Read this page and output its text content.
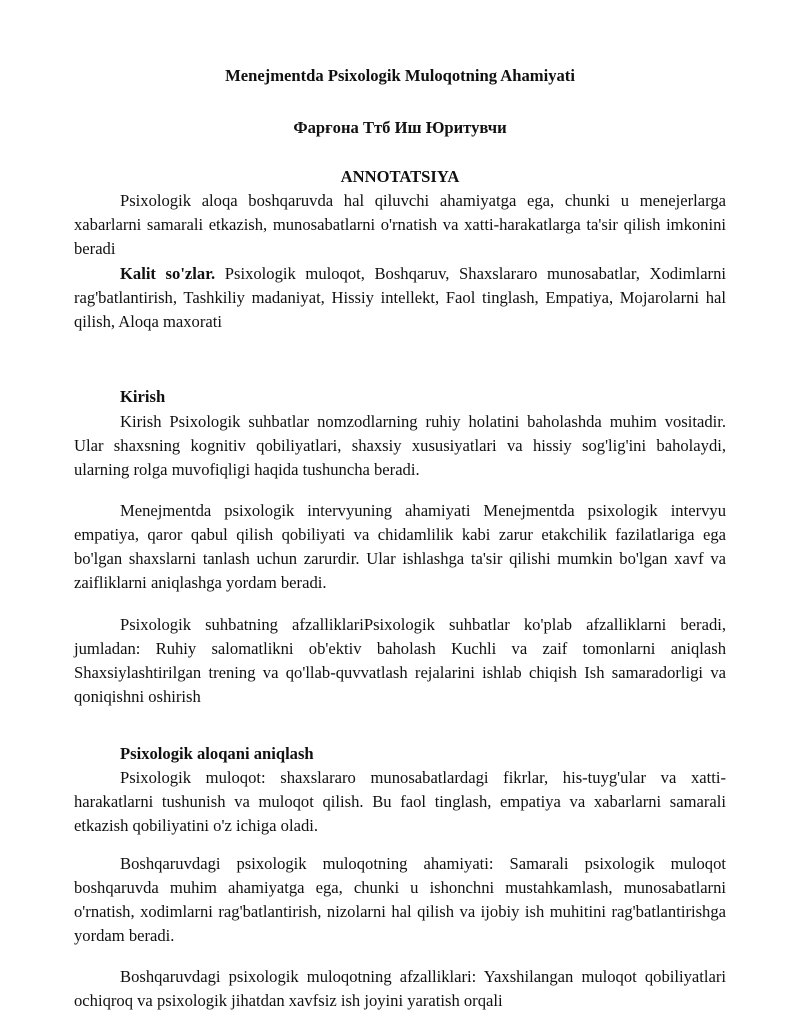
Menejmentda Psixologik Muloqotning Ahamiyati
Фарғона Ттб Иш Юритувчи
ANNOTATSIYA

Psixologik aloqa boshqaruvda hal qiluvchi ahamiyatga ega, chunki u menejerlarga xabarlarni samarali etkazish, munosabatlarni o'rnatish va xatti-harakatlarga ta'sir qilish imkonini beradi

Kalit so'zlar. Psixologik muloqot, Boshqaruv, Shaxslararo munosabatlar, Xodimlarni rag'batlantirish, Tashkiliy madaniyat, Hissiy intellekt, Faol tinglash, Empatiya, Mojarolarni hal qilish, Aloqa maxorati

Kirish

Kirish Psixologik suhbatlar nomzodlarning ruhiy holatini baholashda muhim vositadir. Ular shaxsning kognitiv qobiliyatlari, shaxsiy xususiyatlari va hissiy sog'lig'ini baholaydi, ularning rolga muvofiqligi haqida tushuncha beradi.

Menejmentda psixologik intervyuning ahamiyati Menejmentda psixologik intervyu empatiya, qaror qabul qilish qobiliyati va chidamlilik kabi zarur etakchilik fazilatlariga ega bo'lgan shaxslarni tanlash uchun zarurdir. Ular ishlashga ta'sir qilishi mumkin bo'lgan xavf va zaifliklarni aniqlashga yordam beradi.

Psixologik suhbatning afzalliklariPsixologik suhbatlar ko'plab afzalliklarni beradi, jumladan: Ruhiy salomatlikni ob'ektiv baholash Kuchli va zaif tomonlarni aniqlash Shaxsiylashtirilgan trening va qo'llab-quvvatlash rejalarini ishlab chiqish Ish samaradorligi va qoniqishni oshirish

Psixologik aloqani aniqlash

Psixologik muloqot: shaxslararo munosabatlardagi fikrlar, his-tuyg'ular va xatti-harakatlarni tushunish va muloqot qilish. Bu faol tinglash, empatiya va xabarlarni samarali etkazish qobiliyatini o'z ichiga oladi.

Boshqaruvdagi psixologik muloqotning ahamiyati: Samarali psixologik muloqot boshqaruvda muhim ahamiyatga ega, chunki u ishonchni mustahkamlash, munosabatlarni o'rnatish, xodimlarni rag'batlantirish, nizolarni hal qilish va ijobiy ish muhitini rag'batlantirishga yordam beradi.

Boshqaruvdagi psixologik muloqotning afzalliklari: Yaxshilangan muloqot qobiliyatlari ochiqroq va psixologik jihatdan xavfsiz ish joyini yaratish orqali
